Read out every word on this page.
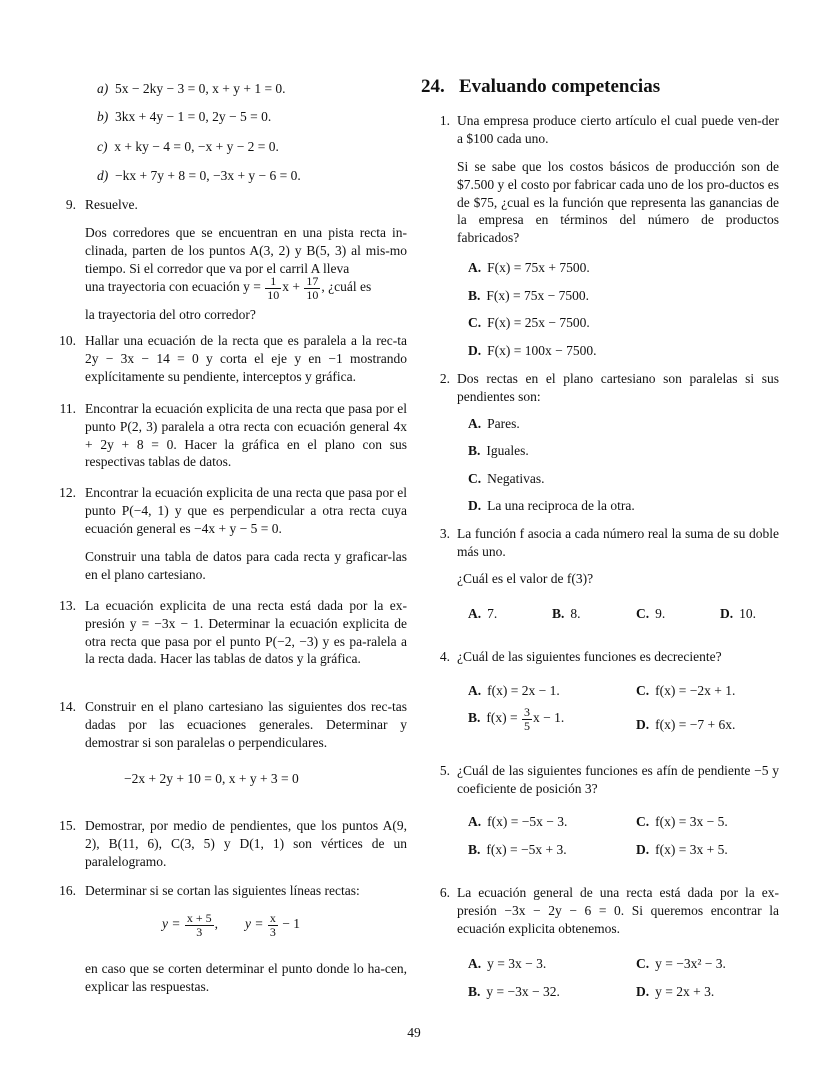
a) 5x − 2ky − 3 = 0, x + y + 1 = 0.
b) 3kx + 4y − 1 = 0, 2y − 5 = 0.
c) x + ky − 4 = 0, −x + y − 2 = 0.
d) −kx + 7y + 8 = 0, −3x + y − 6 = 0.
9. Resuelve.
Dos corredores que se encuentran en una pista recta in-clinada, parten de los puntos A(3, 2) y B(5, 3) al mis-mo tiempo. Si el corredor que va por el carril A lleva
una trayectoria con ecuación $y = \frac{1}{10}$ $x + \frac{17}{10}$ , ¿cuál es
la trayectoria del otro corredor?
10. Hallar una ecuación de la recta que es paralela a la rec-ta 2y − 3x − 14 = 0 y corta el eje y en −1 mostrando explícitamente su pendiente, interceptos y gráfica.
11. Encontrar la ecuación explicita de una recta que pasa por el punto P(2, 3) paralela a otra recta con ecuación general 4x + 2y + 8 = 0. Hacer la gráfica en el plano con sus respectivas tablas de datos.
12. Encontrar la ecuación explicita de una recta que pasa por el punto P(−4, 1) y que es perpendicular a otra recta cuya ecuación general es −4x + y − 5 = 0.
Construir una tabla de datos para cada recta y graficar-las en el plano cartesiano.
13. La ecuación explicita de una recta está dada por la ex-presión y = −3x − 1. Determinar la ecuación explicita de otra recta que pasa por el punto P(−2, −3) y es pa-ralela a la recta dada. Hacer las tablas de datos y la gráfica.
14. Construir en el plano cartesiano las siguientes dos rec-tas dadas por las ecuaciones generales. Determinar y demostrar si son paralelas o perpendiculares.
−2x + 2y + 10 = 0, x + y + 3 = 0
15. Demostrar, por medio de pendientes, que los puntos A(9, 2), B(11, 6), C(3, 5) y D(1, 1) son vértices de un paralelogramo.
16. Determinar si se cortan las siguientes líneas rectas:
$y = \frac{x + 5}{3}$ , $y = \frac{x}{3} - 1$
en caso que se corten determinar el punto donde lo ha-cen, explicar las respuestas.
24. Evaluando competencias
1. Una empresa produce cierto artículo el cual puede ven-der a $100 cada uno.
Si se sabe que los costos básicos de producción son de $7.500 y el costo por fabricar cada uno de los pro-ductos es de $75, ¿cual es la función que representa las ganancias de la empresa en términos del número de productos fabricados?
A. F(x) = 75x + 7500.
B. F(x) = 75x − 7500.
C. F(x) = 25x − 7500.
D. F(x) = 100x − 7500.
2. Dos rectas en el plano cartesiano son paralelas si sus pendientes son:
A. Pares.
B. Iguales.
C. Negativas.
D. La una reciproca de la otra.
3. La función f asocia a cada número real la suma de su doble más uno.
¿Cuál es el valor de f(3)?
A. 7.	B. 8.	C. 9.	D. 10.
4. ¿Cuál de las siguientes funciones es decreciente?
A. f(x) = 2x − 1.	C. f(x) = −2x + 1.
B. $f(x) = \frac{3}{5}$ x − 1.	D. f(x) = −7 + 6x.
5. ¿Cuál de las siguientes funciones es afín de pendiente −5 y coeficiente de posición 3?
A. f(x) = −5x − 3.	C. f(x) = 3x − 5.
B. f(x) = −5x + 3.	D. f(x) = 3x + 5.
6. La ecuación general de una recta está dada por la ex-presión −3x − 2y − 6 = 0. Si queremos encontrar la ecuación explicita obtenemos.
A. y = 3x − 3.	C. y = −3x² − 3.
B. y = −3x − 32.	D. y = 2x + 3.
49
